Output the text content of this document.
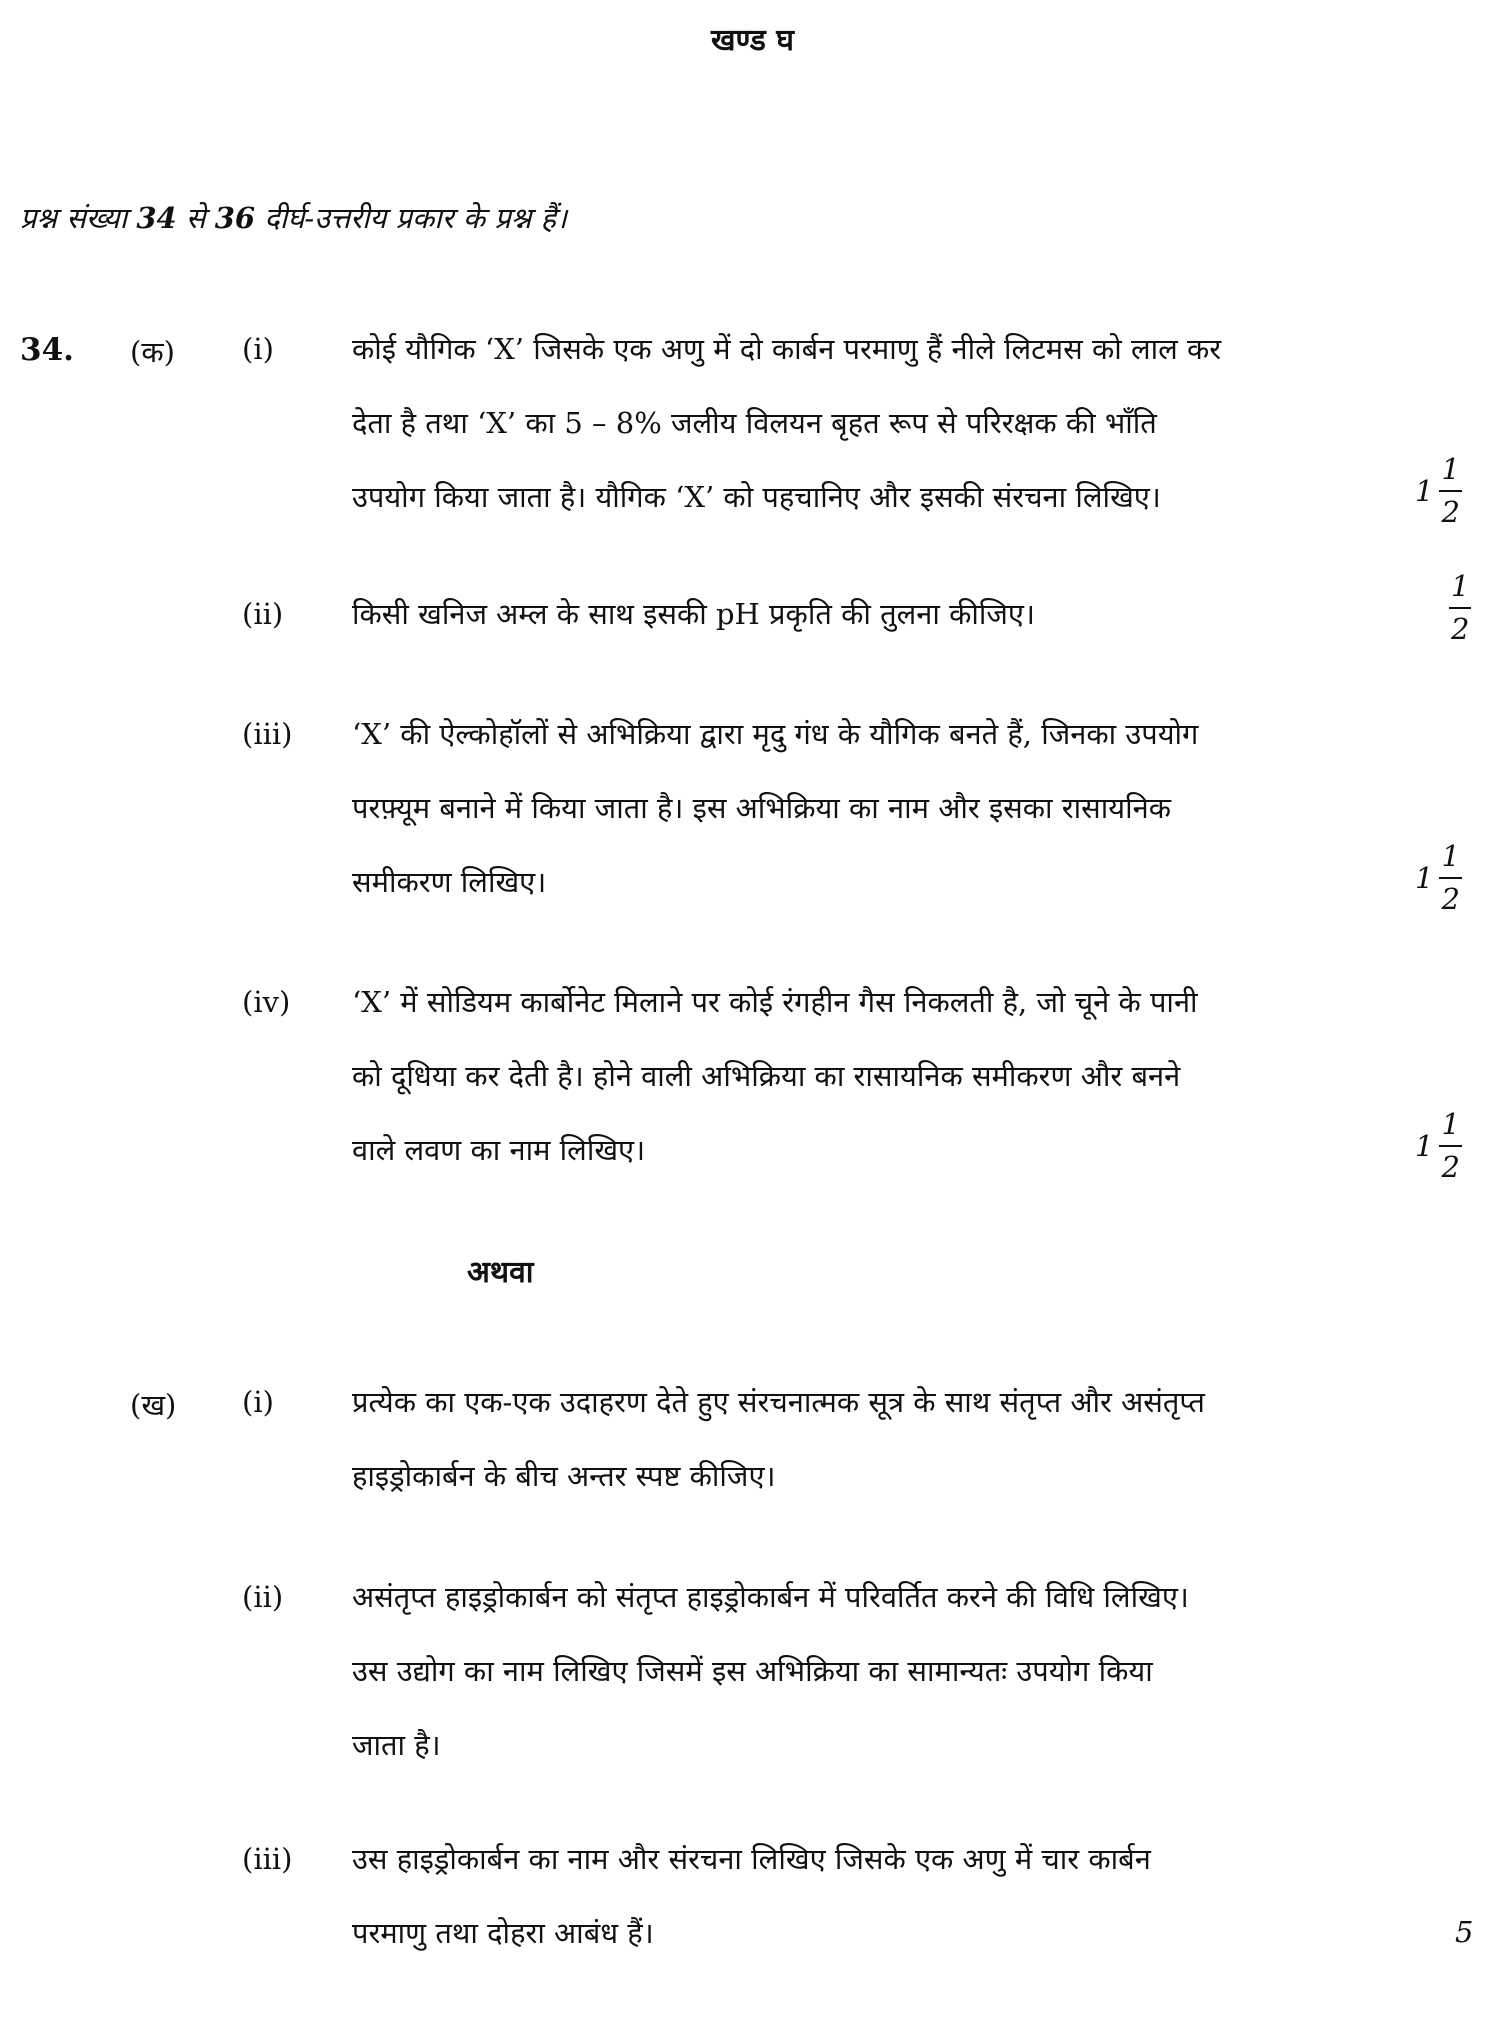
खण्ड घ
प्रश्न संख्या 34 से 36 दीर्घ-उत्तरीय प्रकार के प्रश्न हैं।
34. (क) (i)	कोई यौगिक ‘X’ जिसके एक अणु में दो कार्बन परमाणु हैं नीले लिटमस को लाल कर
देता है तथा ‘X’ का 5 – 8% जलीय विलयन बृहत रूप से परिरक्षक की भाँति
उपयोग किया जाता है। यौगिक ‘X’ को पहचानिए और इसकी संरचना लिखिए।	$1 \frac{1}{2}$
(ii) किसी खनिज अम्ल के साथ इसकी pH प्रकृति की तुलना कीजिए।	$\frac{1}{2}$
(iii) ‘X’ की ऐल्कोहॉलों से अभिक्रिया द्वारा मृदु गंध के यौगिक बनते हैं, जिनका उपयोग
परफ़्यूम बनाने में किया जाता है। इस अभिक्रिया का नाम और इसका रासायनिक
समीकरण लिखिए।	$1 \frac{1}{2}$
(iv) ‘X’ में सोडियम कार्बोनेट मिलाने पर कोई रंगहीन गैस निकलती है, जो चूने के पानी
को दूधिया कर देती है। होने वाली अभिक्रिया का रासायनिक समीकरण और बनने
वाले लवण का नाम लिखिए।	$1 \frac{1}{2}$
अथवा
(ख) (i)	प्रत्येक का एक-एक उदाहरण देते हुए संरचनात्मक सूत्र के साथ संतृप्त और असंतृप्त
हाइड्रोकार्बन के बीच अन्तर स्पष्ट कीजिए।
(ii) असंतृप्त हाइड्रोकार्बन को संतृप्त हाइड्रोकार्बन में परिवर्तित करने की विधि लिखिए।
उस उद्योग का नाम लिखिए जिसमें इस अभिक्रिया का सामान्यतः उपयोग किया
जाता है।
(iii) उस हाइड्रोकार्बन का नाम और संरचना लिखिए जिसके एक अणु में चार कार्बन
परमाणु तथा दोहरा आबंध हैं।	5
